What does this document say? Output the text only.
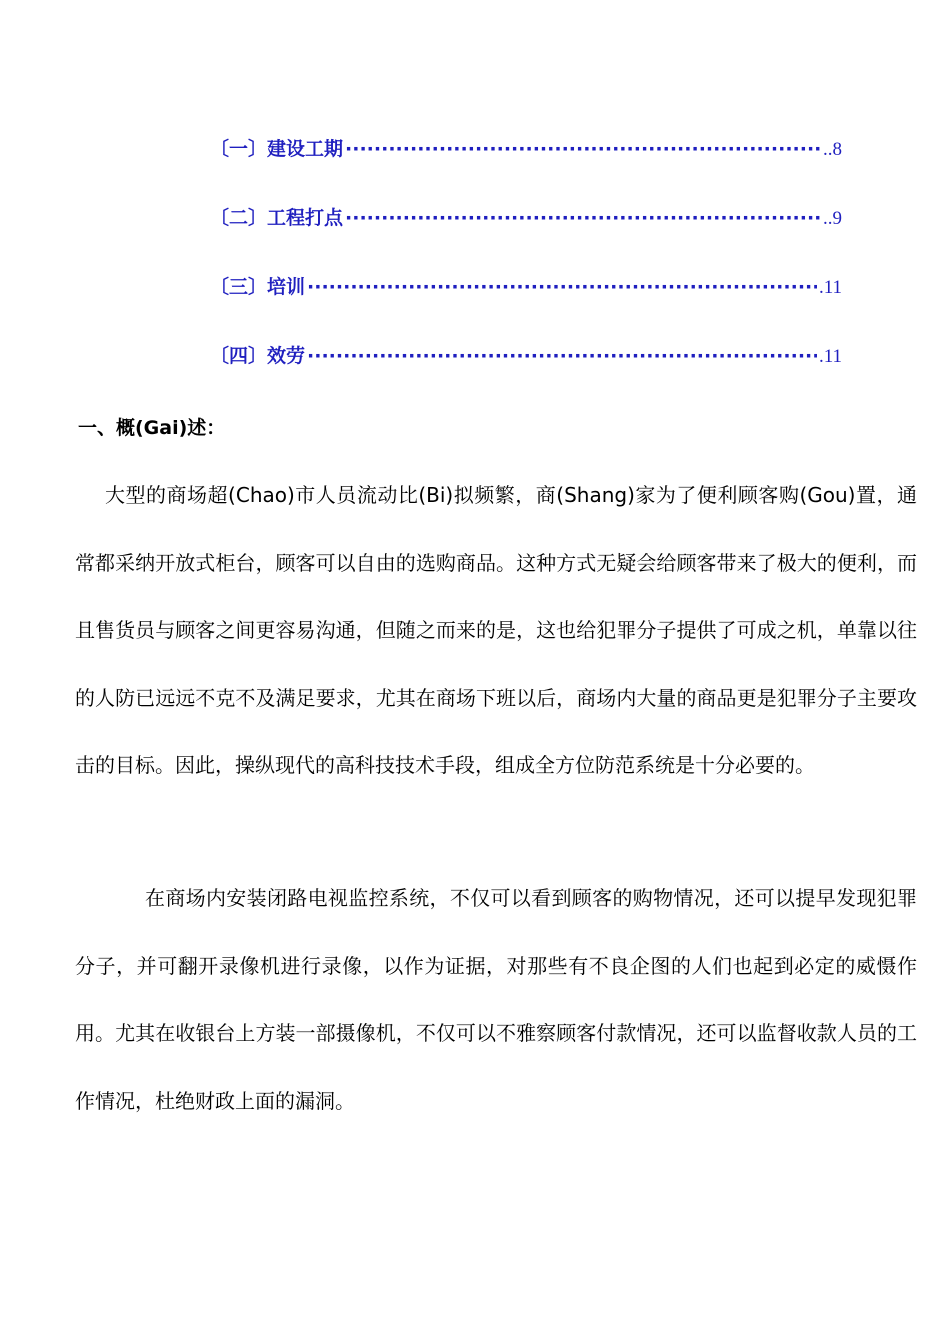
〔一〕 建设工期 ·····	..8
〔二〕 工程打点 ·····	..9
〔三〕 培训 ·····	.11
〔四〕 效劳 ·····	.11
一、概(Gai)述：

大型的商场超(Chao)市人员流动比(Bi)拟频繁，商(Shang)家为了便利顾客购(Gou)置，通常都采纳开放式柜台，顾客可以自由的选购商品。这种方式无疑会给顾客带来了极大的便利，而且售货员与顾客之间更容易沟通，但随之而来的是，这也给犯罪分子提供了可成之机，单靠以往的人防已远远不克不及满足要求，尤其在商场下班以后，商场内大量的商品更是犯罪分子主要攻击的目标。因此，操纵现代的高科技技术手段，组成全方位防范系统是十分必要的。

在商场内安装闭路电视监控系统，不仅可以看到顾客的购物情况，还可以提早发现犯罪分子，并可翻开录像机进行录像，以作为证据，对那些有不良企图的人们也起到必定的威慑作用。尤其在收银台上方装一部摄像机，不仅可以不雅察顾客付款情况，还可以监督收款人员的工作情况，杜绝财政上面的漏洞。
